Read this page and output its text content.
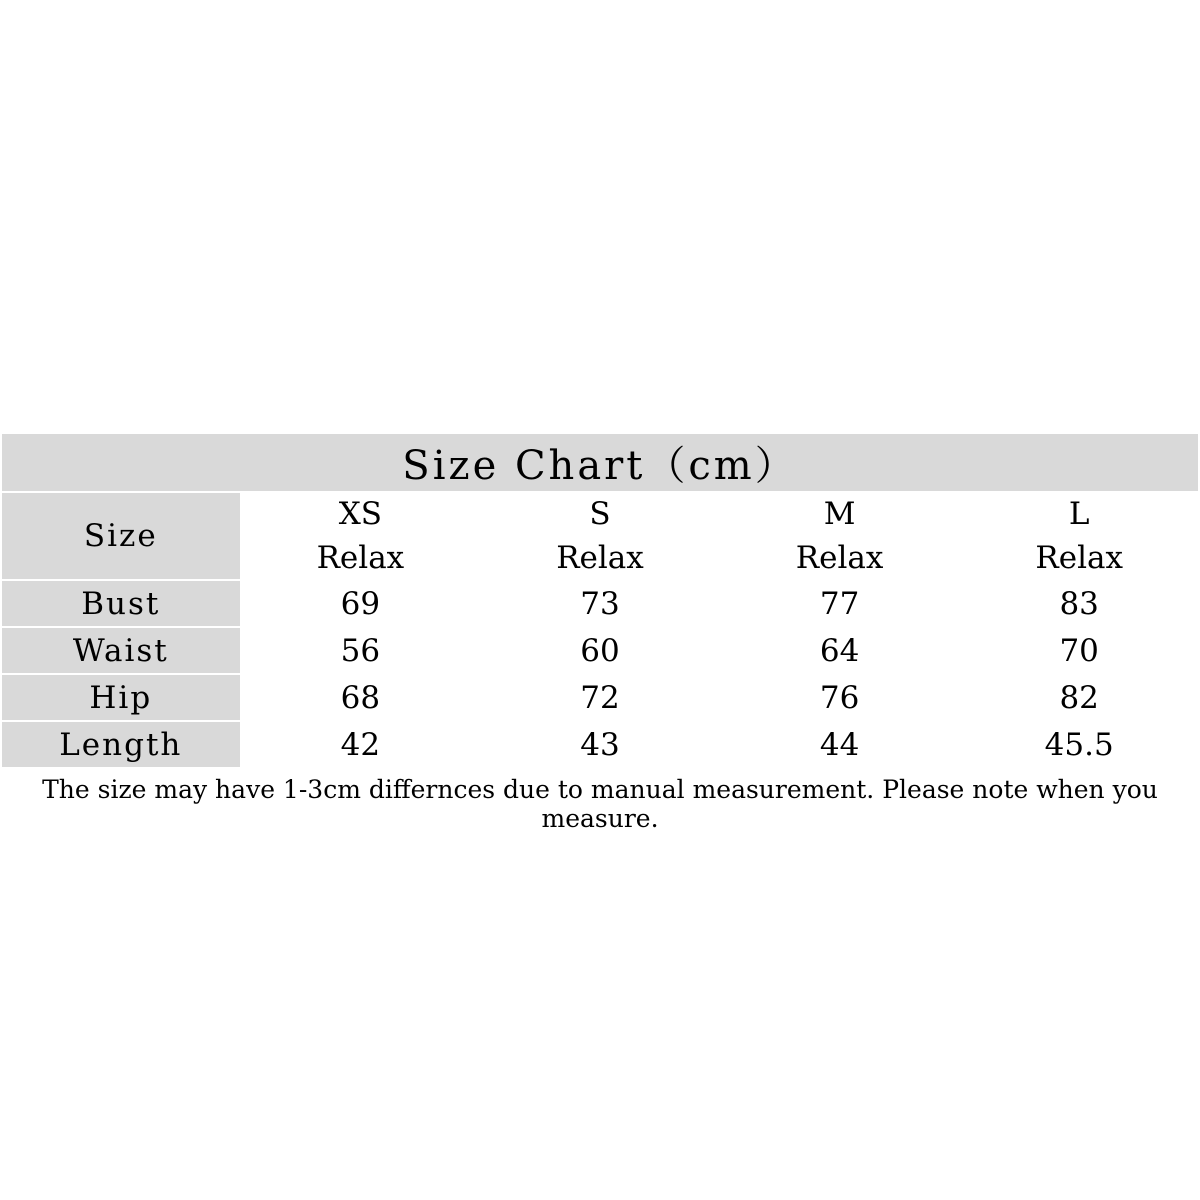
Size Chart（cm）				
Size	XS	S	M	L
	Relax	Relax	Relax	Relax
Bust	69	73	77	83
Waist	56	60	64	70
Hip	68	72	76	82
Length	42	43	44	45.5
The size may have 1-3cm differnces due to manual measurement. Please note when you measure.
